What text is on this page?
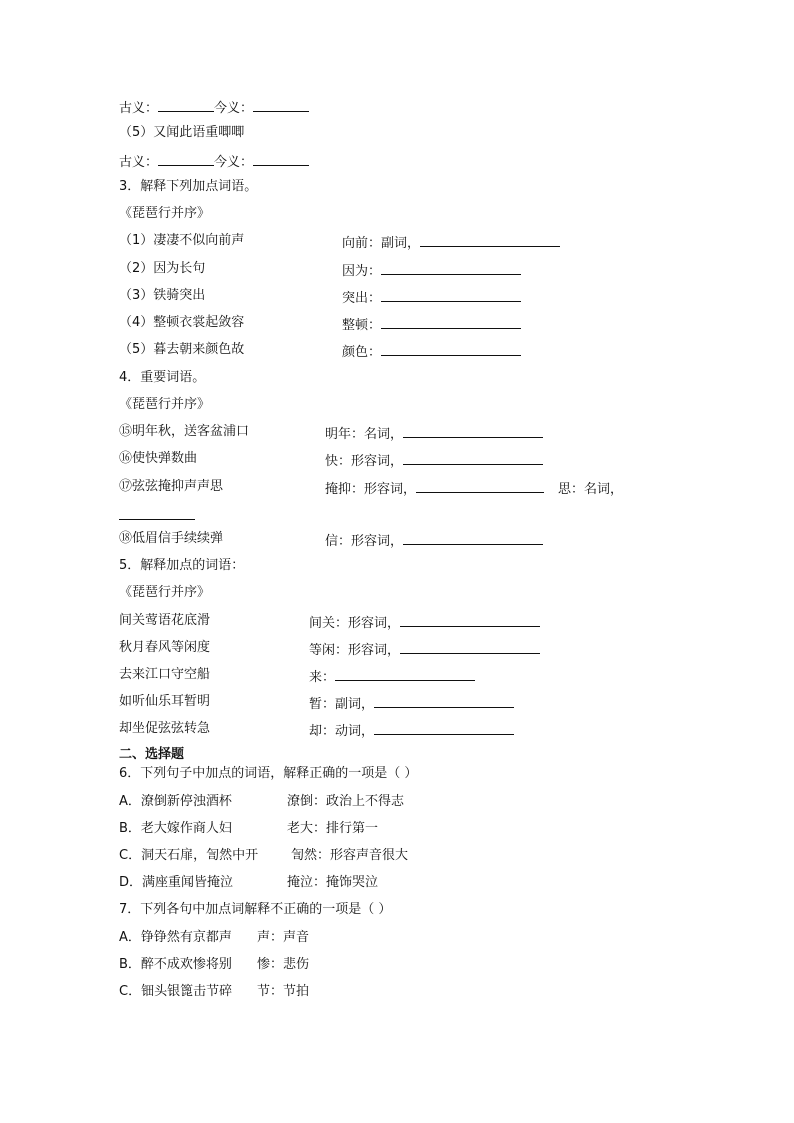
古义：	今义：
（5）又闻此语重唧唧
古义：	今义：
3．解释下列加点词语。
《琵琶行并序》
（1）凄凄不似向前声	向前：副词，
（2）因为长句	因为：
（3）铁骑突出	突出：
（4）整顿衣裳起敛容	整顿：
（5）暮去朝来颜色故	颜色：
4．重要词语。
《琵琶行并序》
⑮明年秋，送客盆浦口	明年：名词，
⑯使快弹数曲	快：形容词，
⑰弦弦掩抑声声思	掩抑：形容词，	思：名词，
⑱低眉信手续续弹	信：形容词，
5．解释加点的词语：
《琵琶行并序》
间关莺语花底滑	间关：形容词，
秋月春风等闲度	等闲：形容词，
去来江口守空船	来：
如听仙乐耳暂明	暂：副词，
却坐促弦弦转急	却：动词，
二、选择题
6．下列句子中加点的词语，解释正确的一项是（ ）
A．潦倒新停浊酒杯	潦倒：政治上不得志
B．老大嫁作商人妇	老大：排行第一
C．洞天石扉，訇然中开	訇然：形容声音很大
D．满座重闻皆掩泣	掩泣：掩饰哭泣
7．下列各句中加点词解释不正确的一项是（ ）
A．铮铮然有京都声 声：声音
B．醉不成欢惨将别 惨：悲伤
C．钿头银篦击节碎 节：节拍
